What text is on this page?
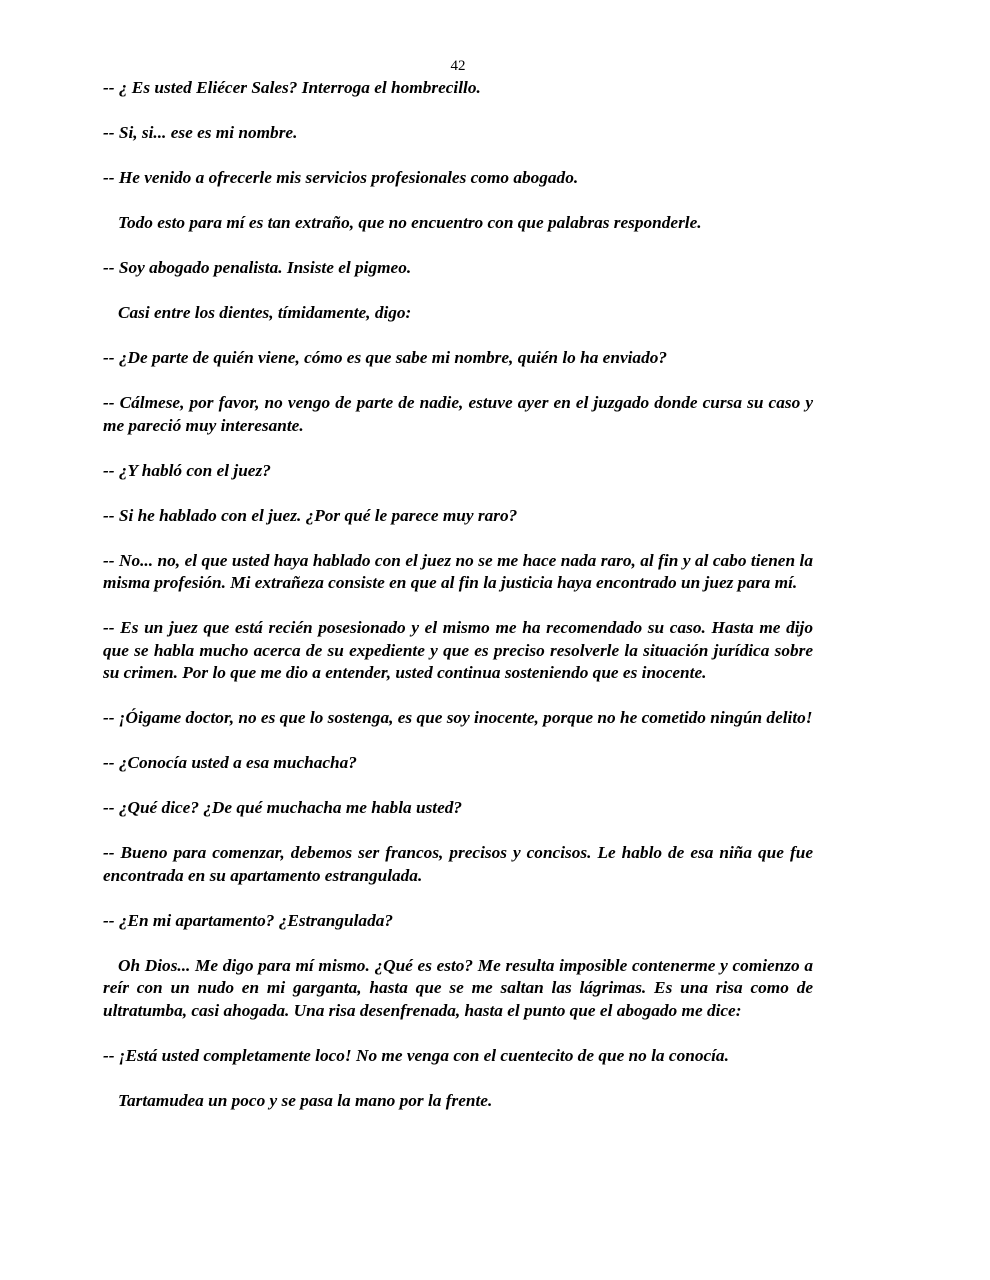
42

-- ¿ Es usted Eliécer Sales? Interroga el hombrecillo.

-- Si, si... ese es mi nombre.

-- He venido a ofrecerle mis servicios profesionales como abogado.

Todo esto para mí es tan extraño, que no encuentro con que palabras responderle.

-- Soy abogado penalista. Insiste el pigmeo.

Casi entre los dientes, tímidamente, digo:

-- ¿De parte de quién viene, cómo es que sabe mi nombre, quién lo ha enviado?

-- Cálmese, por favor, no vengo de parte de nadie, estuve ayer en el juzgado donde cursa su caso y me pareció muy interesante.

-- ¿Y habló con el juez?

-- Si he hablado con el juez. ¿Por qué le parece muy raro?

-- No... no, el que usted haya hablado con el juez no se me hace nada raro, al fin y al cabo tienen la misma profesión. Mi extrañeza consiste en que al fin la justicia haya encontrado un juez para mí.

-- Es un juez que está recién posesionado y el mismo me ha recomendado su caso. Hasta me dijo que se habla mucho acerca de su expediente y que es preciso resolverle la situación jurídica sobre su crimen. Por lo que me dio a entender, usted continua sosteniendo que es inocente.

-- ¡Óigame doctor, no es que lo sostenga, es que soy inocente, porque no he cometido ningún delito!

-- ¿Conocía usted a esa muchacha?

-- ¿Qué dice? ¿De qué muchacha me habla usted?

-- Bueno para comenzar, debemos ser francos, precisos y concisos. Le hablo de esa niña que fue encontrada en su apartamento estrangulada.

-- ¿En mi apartamento? ¿Estrangulada?

Oh Dios... Me digo para mí mismo. ¿Qué es esto? Me resulta imposible contenerme y comienzo a reír con un nudo en mi garganta, hasta que se me saltan las lágrimas. Es una risa como de ultratumba, casi ahogada. Una risa desenfrenada, hasta el punto que el abogado me dice:

-- ¡Está usted completamente loco! No me venga con el cuentecito de que no la conocía.

Tartamudea un poco y se pasa la mano por la frente.
